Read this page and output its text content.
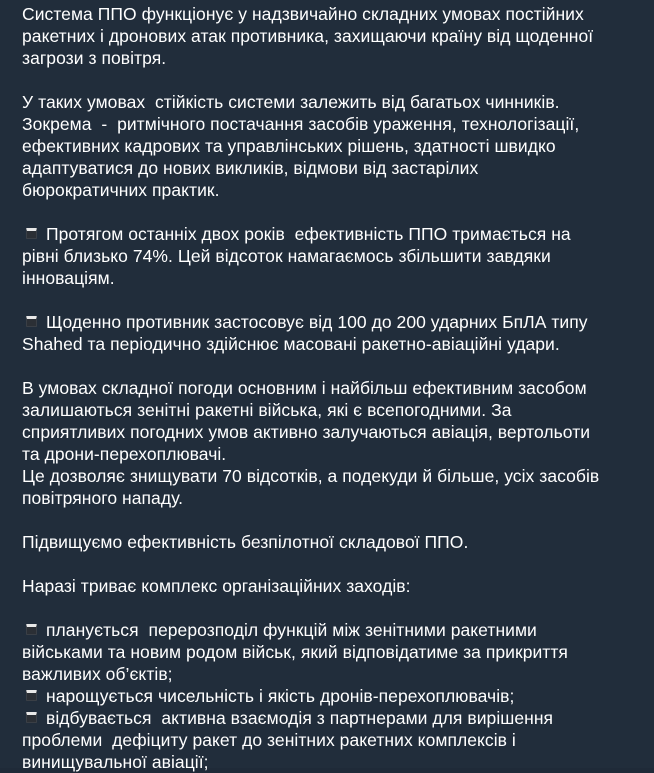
Система ППО функціонує у надзвичайно складних умовах постійних
ракетних і дронових атак противника, захищаючи країну від щоденної
загрози з повітря.
У таких умовах  стійкість системи залежить від багатьох чинників.
Зокрема  -  ритмічного постачання засобів ураження, технологізації,
ефективних кадрових та управлінських рішень, здатності швидко
адаптуватися до нових викликів, відмови від застарілих
бюрократичних практик.
Протягом останніх двох років  ефективність ППО тримається на
рівні близько 74%. Цей відсоток намагаємось збільшити завдяки
інноваціям.
Щоденно противник застосовує від 100 до 200 ударних БпЛА типу
Shahed та періодично здійснює масовані ракетно-авіаційні удари.
В умовах складної погоди основним і найбільш ефективним засобом
залишаються зенітні ракетні війська, які є всепогодними. За
сприятливих погодних умов активно залучаються авіація, вертольоти
та дрони-перехоплювачі.
Це дозволяє знищувати 70 відсотків, а подекуди й більше, усіх засобів
повітряного нападу.
Підвищуємо ефективність безпілотної складової ППО.
Наразі триває комплекс організаційних заходів:
планується  перерозподіл функцій між зенітними ракетними
військами та новим родом військ, який відповідатиме за прикриття
важливих об’єктів;
нарощується чисельність і якість дронів-перехоплювачів;
відбувається  активна взаємодія з партнерами для вирішення
проблеми  дефіциту ракет до зенітних ракетних комплексів і
винищувальної авіації;
